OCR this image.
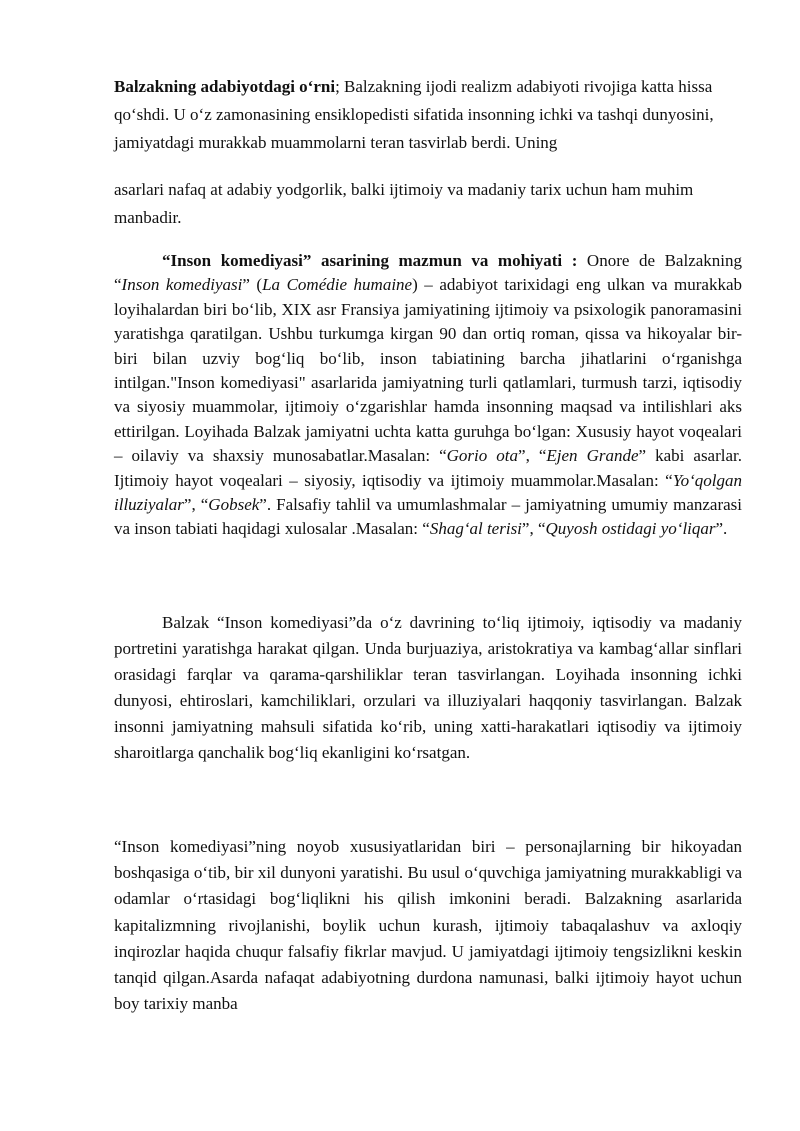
Balzakning adabiyotdagi o‘rni; Balzakning ijodi realizm adabiyoti rivojiga katta hissa qo‘shdi. U o‘z zamonasining ensiklopedisti sifatida insonning ichki va tashqi dunyosini, jamiyatdagi murakkab muammolarni teran tasvirlab berdi. Uning

asarlari nafaq at adabiy yodgorlik, balki ijtimoiy va madaniy tarix uchun ham muhim manbadir.

“Inson komediyasi” asarining mazmun va mohiyati : Onore de Balzakning “Inson komediyasi” (La Comédie humaine) – adabiyot tarixidagi eng ulkan va murakkab loyihalardan biri bo‘lib, XIX asr Fransiya jamiyatining ijtimoiy va psixologik panoramasini yaratishga qaratilgan. Ushbu turkumga kirgan 90 dan ortiq roman, qissa va hikoyalar bir-biri bilan uzviy bog‘liq bo‘lib, inson tabiatining barcha jihatlarini o‘rganishga intilgan."Inson komediyasi" asarlarida jamiyatning turli qatlamlari, turmush tarzi, iqtisodiy va siyosiy muammolar, ijtimoiy o‘zgarishlar hamda insonning maqsad va intilishlari aks ettirilgan. Loyihada Balzak jamiyatni uchta katta guruhga bo‘lgan: Xususiy hayot voqealari – oilaviy va shaxsiy munosabatlar.Masalan: “Gorio ota”, “Ejen Grande” kabi asarlar. Ijtimoiy hayot voqealari – siyosiy, iqtisodiy va ijtimoiy muammolar.Masalan: “Yo‘qolgan illuziyalar”, “Gobsek”. Falsafiy tahlil va umumlashmalar – jamiyatning umumiy manzarasi va inson tabiati haqidagi xulosalar .Masalan: “Shag‘al terisi”, “Quyosh ostidagi yo‘liqar”.

Balzak “Inson komediyasi”da o‘z davrining to‘liq ijtimoiy, iqtisodiy va madaniy portretini yaratishga harakat qilgan. Unda burjuaziya, aristokratiya va kambag‘allar sinflari orasidagi farqlar va qarama-qarshiliklar teran tasvirlangan. Loyihada insonning ichki dunyosi, ehtiroslari, kamchiliklari, orzulari va illuziyalari haqqoniy tasvirlangan. Balzak insonni jamiyatning mahsuli sifatida ko‘rib, uning xatti-harakatlari iqtisodiy va ijtimoiy sharoitlarga qanchalik bog‘liq ekanligini ko‘rsatgan.

“Inson komediyasi”ning noyob xususiyatlaridan biri – personajlarning bir hikoyadan boshqasiga o‘tib, bir xil dunyoni yaratishi. Bu usul o‘quvchiga jamiyatning murakkabligi va odamlar o‘rtasidagi bog‘liqlikni his qilish imkonini beradi. Balzakning asarlarida kapitalizmning rivojlanishi, boylik uchun kurash, ijtimoiy tabaqalashuv va axloqiy inqirozlar haqida chuqur falsafiy fikrlar mavjud. U jamiyatdagi ijtimoiy tengsizlikni keskin tanqid qilgan.Asarda nafaqat adabiyotning durdona namunasi, balki ijtimoiy hayot uchun boy tarixiy manba
